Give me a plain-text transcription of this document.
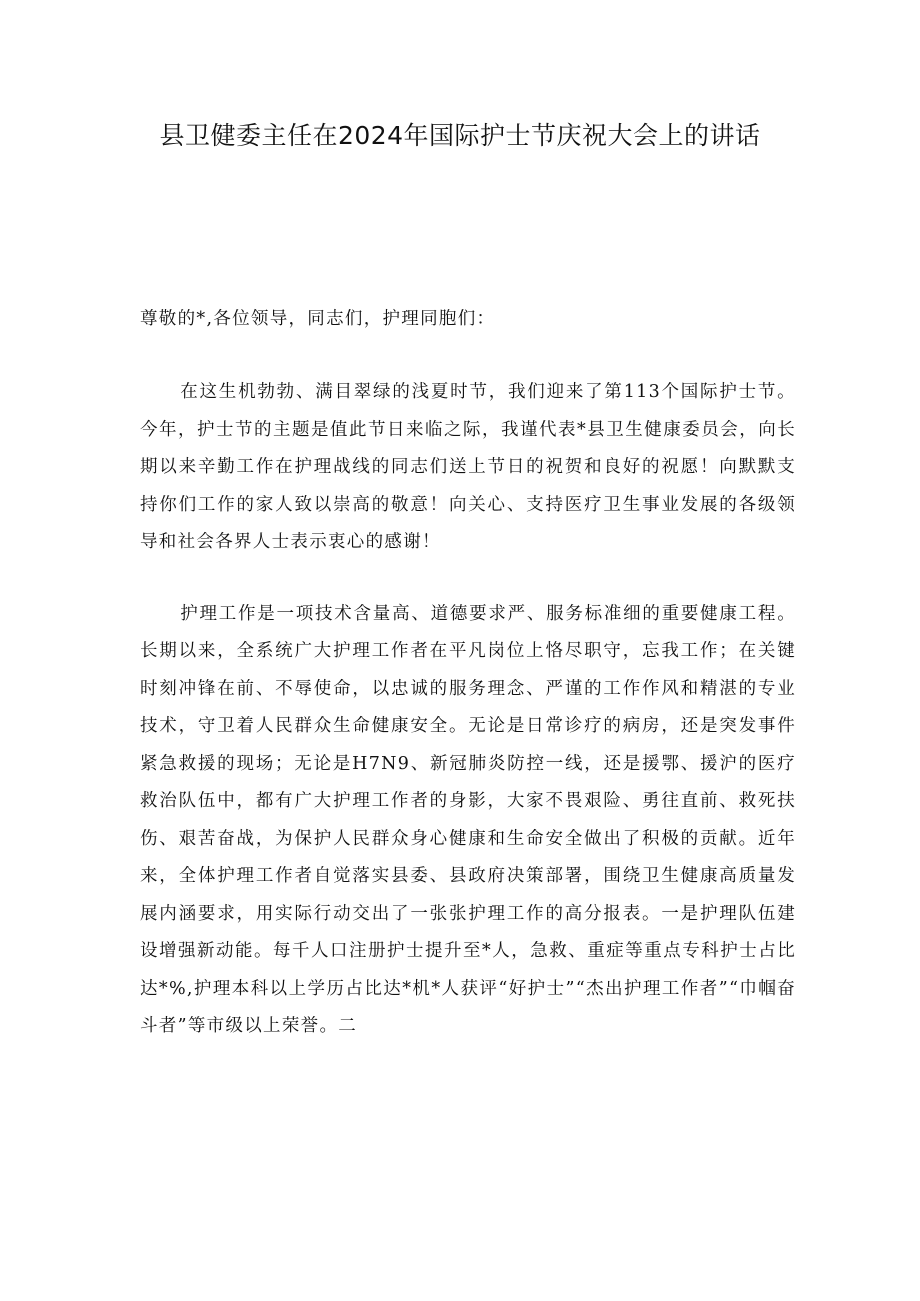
县卫健委主任在2024年国际护士节庆祝大会上的讲话

尊敬的*,各位领导，同志们，护理同胞们：

在这生机勃勃、满目翠绿的浅夏时节，我们迎来了第113个国际护士节。今年，护士节的主题是值此节日来临之际，我谨代表*县卫生健康委员会，向长期以来辛勤工作在护理战线的同志们送上节日的祝贺和良好的祝愿！向默默支持你们工作的家人致以崇高的敬意！向关心、支持医疗卫生事业发展的各级领导和社会各界人士表示衷心的感谢！

护理工作是一项技术含量高、道德要求严、服务标准细的重要健康工程。长期以来，全系统广大护理工作者在平凡岗位上恪尽职守，忘我工作；在关键时刻冲锋在前、不辱使命，以忠诚的服务理念、严谨的工作作风和精湛的专业技术，守卫着人民群众生命健康安全。无论是日常诊疗的病房，还是突发事件紧急救援的现场；无论是H7N9、新冠肺炎防控一线，还是援鄂、援沪的医疗救治队伍中，都有广大护理工作者的身影，大家不畏艰险、勇往直前、救死扶伤、艰苦奋战，为保护人民群众身心健康和生命安全做出了积极的贡献。近年来，全体护理工作者自觉落实县委、县政府决策部署，围绕卫生健康高质量发展内涵要求，用实际行动交出了一张张护理工作的高分报表。一是护理队伍建设增强新动能。每千人口注册护士提升至*人，急救、重症等重点专科护士占比达*%,护理本科以上学历占比达*机*人获评“好护士”“杰出护理工作者”“巾帼奋斗者”等市级以上荣誉。二
